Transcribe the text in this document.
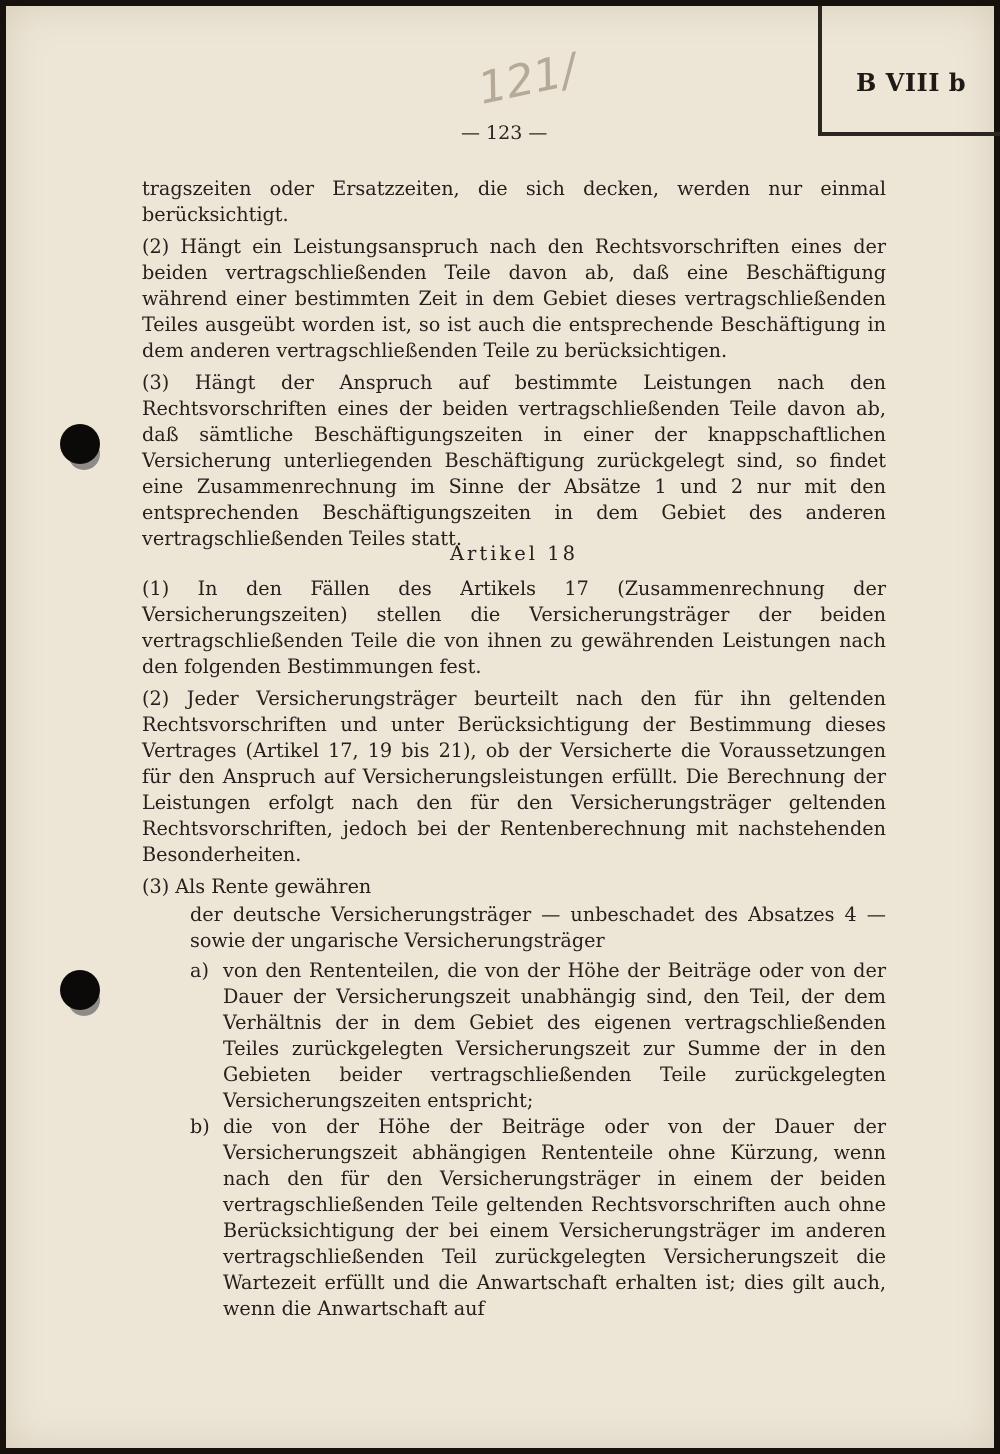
B VIII b
121/
— 123 —

tragszeiten oder Ersatzzeiten, die sich decken, werden nur einmal berücksichtigt.

(2) Hängt ein Leistungsanspruch nach den Rechtsvorschriften eines der beiden vertragschließenden Teile davon ab, daß eine Beschäftigung während einer bestimmten Zeit in dem Gebiet dieses vertragschließenden Teiles ausgeübt worden ist, so ist auch die entsprechende Beschäftigung in dem anderen vertragschließenden Teile zu berücksichtigen.

(3) Hängt der Anspruch auf bestimmte Leistungen nach den Rechtsvorschriften eines der beiden vertragschließenden Teile davon ab, daß sämtliche Beschäftigungszeiten in einer der knappschaftlichen Versicherung unterliegenden Beschäftigung zurückgelegt sind, so findet eine Zusammenrechnung im Sinne der Absätze 1 und 2 nur mit den entsprechenden Beschäftigungszeiten in dem Gebiet des anderen vertragschließenden Teiles statt.

Artikel 18

(1) In den Fällen des Artikels 17 (Zusammenrechnung der Versicherungszeiten) stellen die Versicherungsträger der beiden vertragschließenden Teile die von ihnen zu gewährenden Leistungen nach den folgenden Bestimmungen fest.

(2) Jeder Versicherungsträger beurteilt nach den für ihn geltenden Rechtsvorschriften und unter Berücksichtigung der Bestimmung dieses Vertrages (Artikel 17, 19 bis 21), ob der Versicherte die Voraussetzungen für den Anspruch auf Versicherungsleistungen erfüllt. Die Berechnung der Leistungen erfolgt nach den für den Versicherungsträger geltenden Rechtsvorschriften, jedoch bei der Rentenberechnung mit nachstehenden Besonderheiten.

(3) Als Rente gewähren

der deutsche Versicherungsträger — unbeschadet des Absatzes 4 — sowie der ungarische Versicherungsträger
a) von den Rententeilen, die von der Höhe der Beiträge oder von der Dauer der Versicherungszeit unabhängig sind, den Teil, der dem Verhältnis der in dem Gebiet des eigenen vertragschließenden Teiles zurückgelegten Versicherungszeit zur Summe der in den Gebieten beider vertragschließenden Teile zurückgelegten Versicherungszeiten entspricht;
b) die von der Höhe der Beiträge oder von der Dauer der Versicherungszeit abhängigen Rententeile ohne Kürzung, wenn nach den für den Versicherungsträger in einem der beiden vertragschließenden Teile geltenden Rechtsvorschriften auch ohne Berücksichtigung der bei einem Versicherungsträger im anderen vertragschließenden Teil zurückgelegten Versicherungszeit die Wartezeit erfüllt und die Anwartschaft erhalten ist; dies gilt auch, wenn die Anwartschaft auf
